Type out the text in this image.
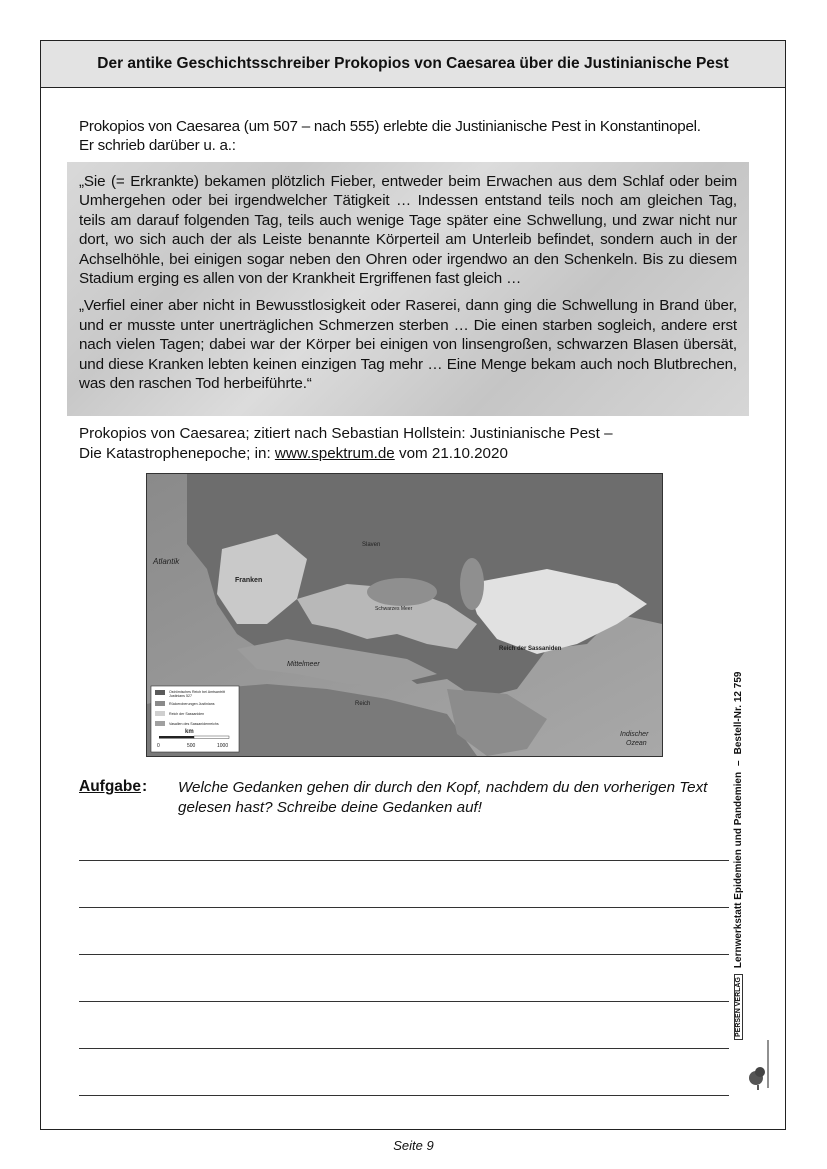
Der antike Geschichtsschreiber Prokopios von Caesarea über die Justinianische Pest
Prokopios von Caesarea (um 507 – nach 555) erlebte die Justinianische Pest in Konstantinopel.
Er schrieb darüber u. a.:

„Sie (= Erkrankte) bekamen plötzlich Fieber, entweder beim Erwachen aus dem Schlaf oder beim Umhergehen oder bei irgendwelcher Tätigkeit … Indessen entstand teils noch am gleichen Tag, teils am darauf folgenden Tag, teils auch wenige Tage später eine Schwellung, und zwar nicht nur dort, wo sich auch der als Leiste benannte Körperteil am Unterleib befindet, sondern auch in der Achselhöhle, bei einigen sogar neben den Ohren oder irgendwo an den Schenkeln. Bis zu diesem Stadium erging es allen von der Krankheit Ergriffenen fast gleich …

„Verfiel einer aber nicht in Bewusstlosigkeit oder Raserei, dann ging die Schwellung in Brand über, und er musste unter unerträglichen Schmerzen sterben … Die einen starben sogleich, andere erst nach vielen Tagen; dabei war der Körper bei einigen von linsengroßen, schwarzen Blasen übersät, und diese Kranken lebten keinen einzigen Tag mehr … Eine Menge bekam auch noch Blutbrechen, was den raschen Tod herbeiführte.“

Prokopios von Caesarea; zitiert nach Sebastian Hollstein: Justinianische Pest –
Die Katastrophenepoche; in: www.spektrum.de vom 21.10.2020
Atlantik
Franken
Slaven
Schwarzes Meer
Mittelmeer
Reich der Sassaniden
Reich
Indischer
Ozean
Oströmisches Reich bei Amtsantritt
Justinians 527
Rückeroberungen Justinians
Reich der Sassaniden
Vasallen des Sassanidenreichs
km
0	500	1000
Aufgabe : Welche Gedanken gehen dir durch den Kopf, nachdem du den vorherigen Text gelesen hast? Schreibe deine Gedanken auf!
PERSEN VERLAG
Lernwerkstatt Epidemien und Pandemien
–
Bestell-Nr. 12 759
Seite 9
